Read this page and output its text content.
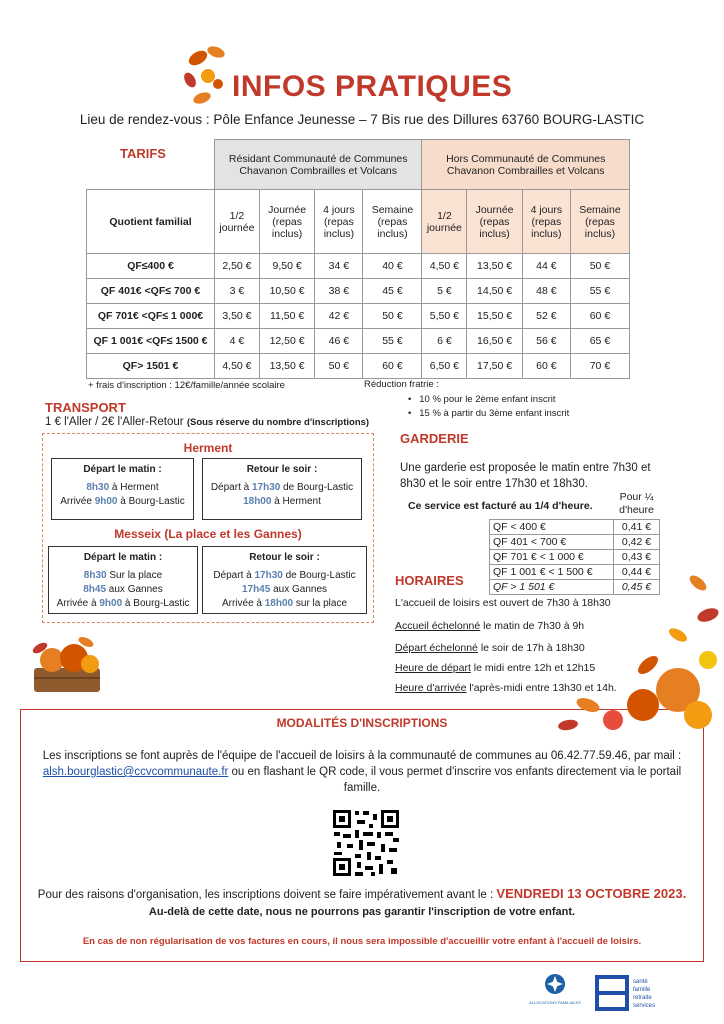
INFOS PRATIQUES
Lieu de rendez-vous : Pôle Enfance Jeunesse – 7 Bis rue des Dillures 63760 BOURG-LASTIC
	Résidant Communauté de Communes Chavanon Combrailles et Volcans				Hors Communauté de Communes Chavanon Combrailles et Volcans			
Quotient familial	1/2 journée	Journée (repas inclus)	4 jours (repas inclus)	Semaine (repas inclus)	1/2 journée	Journée (repas inclus)	4 jours (repas inclus)	Semaine (repas inclus)
QF≤400 €	2,50 €	9,50 €	34 €	40 €	4,50 €	13,50 €	44 €	50 €
QF 401€ <QF≤ 700 €	3 €	10,50 €	38 €	45 €	5 €	14,50 €	48 €	55 €
QF 701€ <QF≤ 1 000€	3,50 €	11,50 €	42 €	50 €	5,50 €	15,50 €	52 €	60 €
QF 1 001€ <QF≤ 1500 €	4 €	12,50 €	46 €	55 €	6 €	16,50 €	56 €	65 €
QF> 1501 €	4,50 €	13,50 €	50 €	60 €	6,50 €	17,50 €	60 €	70 €
TARIFS
+ frais d'inscription : 12€/famille/année scolaire	Réduction fratrie :
• 10 % pour le 2ème enfant inscrit
• 15 % à partir du 3ème enfant inscrit
TRANSPORT
1 € l'Aller / 2€ l'Aller-Retour (Sous réserve du nombre d'inscriptions)
Herment
Départ le matin :
8h30 à Herment
Arrivée 9h00 à Bourg-Lastic
Retour le soir :
Départ à 17h30 de Bourg-Lastic
18h00 à Herment
Messeix (La place et les Gannes)
Départ le matin :
8h30 Sur la place
8h45 aux Gannes
Arrivée à 9h00 à Bourg-Lastic
Retour le soir :
Départ à 17h30 de Bourg-Lastic
17h45 aux Gannes
Arrivée à 18h00 sur la place
GARDERIE
Une garderie est proposée le matin entre 7h30 et 8h30 et le soir entre 17h30 et 18h30.
Ce service est facturé au 1/4 d'heure.
	Pour ¼ d'heure
QF < 400 €	0,41 €
QF 401 < 700 €	0,42 €
QF 701 € < 1 000 €	0,43 €
QF 1 001 € < 1 500 €	0,44 €
QF > 1 501 €	0,45 €
HORAIRES
L'accueil de loisirs est ouvert de 7h30 à 18h30
Accueil échelonné le matin de 7h30 à 9h
Départ échelonné le soir de 17h à 18h30
Heure de départ le midi entre 12h et 12h15
Heure d'arrivée l'après-midi entre 13h30 et 14h.
MODALITÉS D'INSCRIPTIONS
Les inscriptions se font auprès de l'équipe de l'accueil de loisirs à la communauté de communes au 06.42.77.59.46, par mail :
alsh.bourglastic@ccvcommunaute.fr ou en flashant le QR code, il vous permet d'inscrire vos enfants directement via le portail famille.
Pour des raisons d'organisation, les inscriptions doivent se faire impérativement avant le : VENDREDI 13 OCTOBRE 2023.
Au-delà de cette date, nous ne pourrons pas garantir l'inscription de votre enfant.
En cas de non régularisation de vos factures en cours, il nous sera impossible d'accueillir votre enfant à l'accueil de loisirs.
ALLOCATIONS FAMILIALES
santé
famille
retraite
services
